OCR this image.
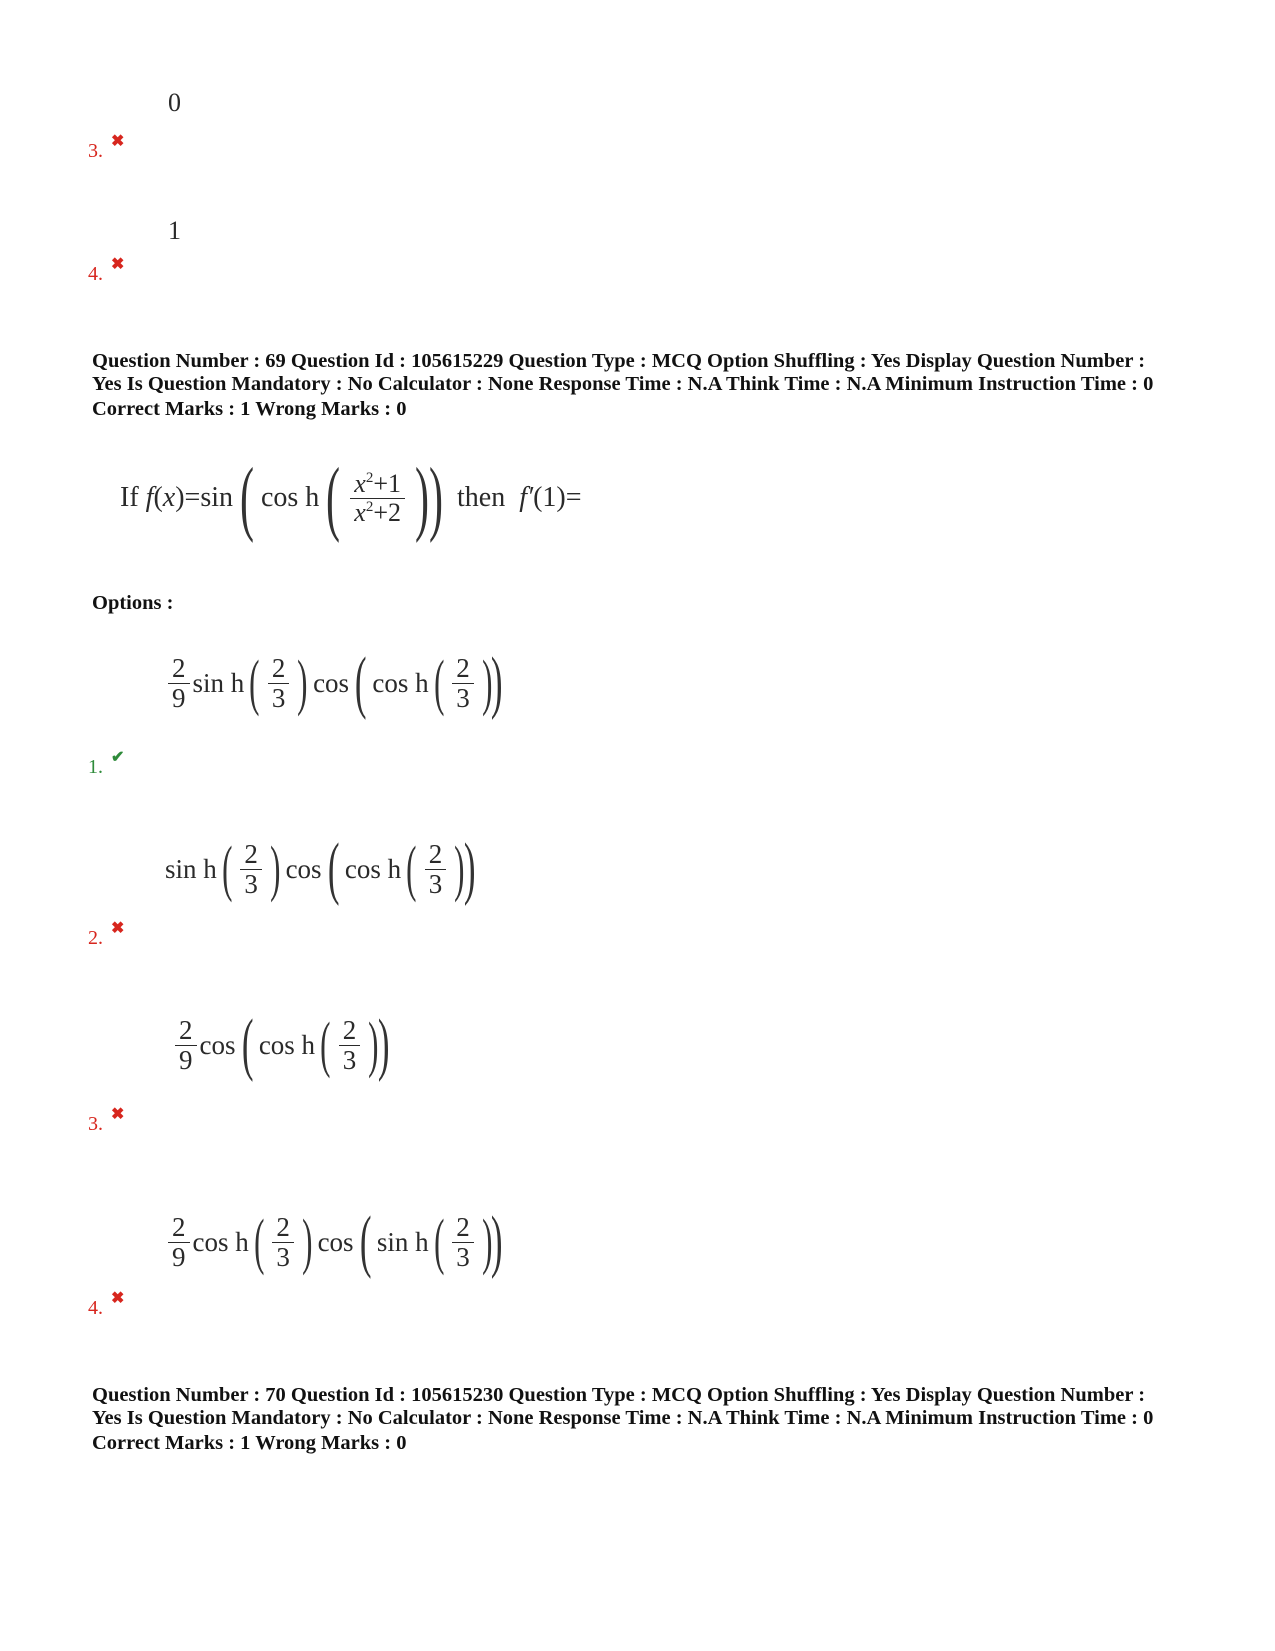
0
3. ✖
1
4. ✖
Question Number : 69 Question Id : 105615229 Question Type : MCQ Option Shuffling : Yes Display Question Number :
Yes Is Question Mandatory : No Calculator : None Response Time : N.A Think Time : N.A Minimum Instruction Time : 0
Correct Marks : 1 Wrong Marks : 0
If
f ( x )=sin ( cos h ( $\frac{x^2+1}{x^2+2}$ ) )
then
f′ (1)=
Options :
$\frac{2}{9}$ sin h ( $\frac{2}{3}$ ) cos ( cos h ( $\frac{2}{3}$ )
)
1. ✔
sin h ( $\frac{2}{3}$ ) cos ( cos h ( $\frac{2}{3}$ )
)
2. ✖
$\frac{2}{9}$ cos ( cos h ( $\frac{2}{3}$ )
)
3. ✖
$\frac{2}{9}$ cos h ( $\frac{2}{3}$ ) cos ( sin h ( $\frac{2}{3}$ )
)
4. ✖
Question Number : 70 Question Id : 105615230 Question Type : MCQ Option Shuffling : Yes Display Question Number :
Yes Is Question Mandatory : No Calculator : None Response Time : N.A Think Time : N.A Minimum Instruction Time : 0
Correct Marks : 1 Wrong Marks : 0
